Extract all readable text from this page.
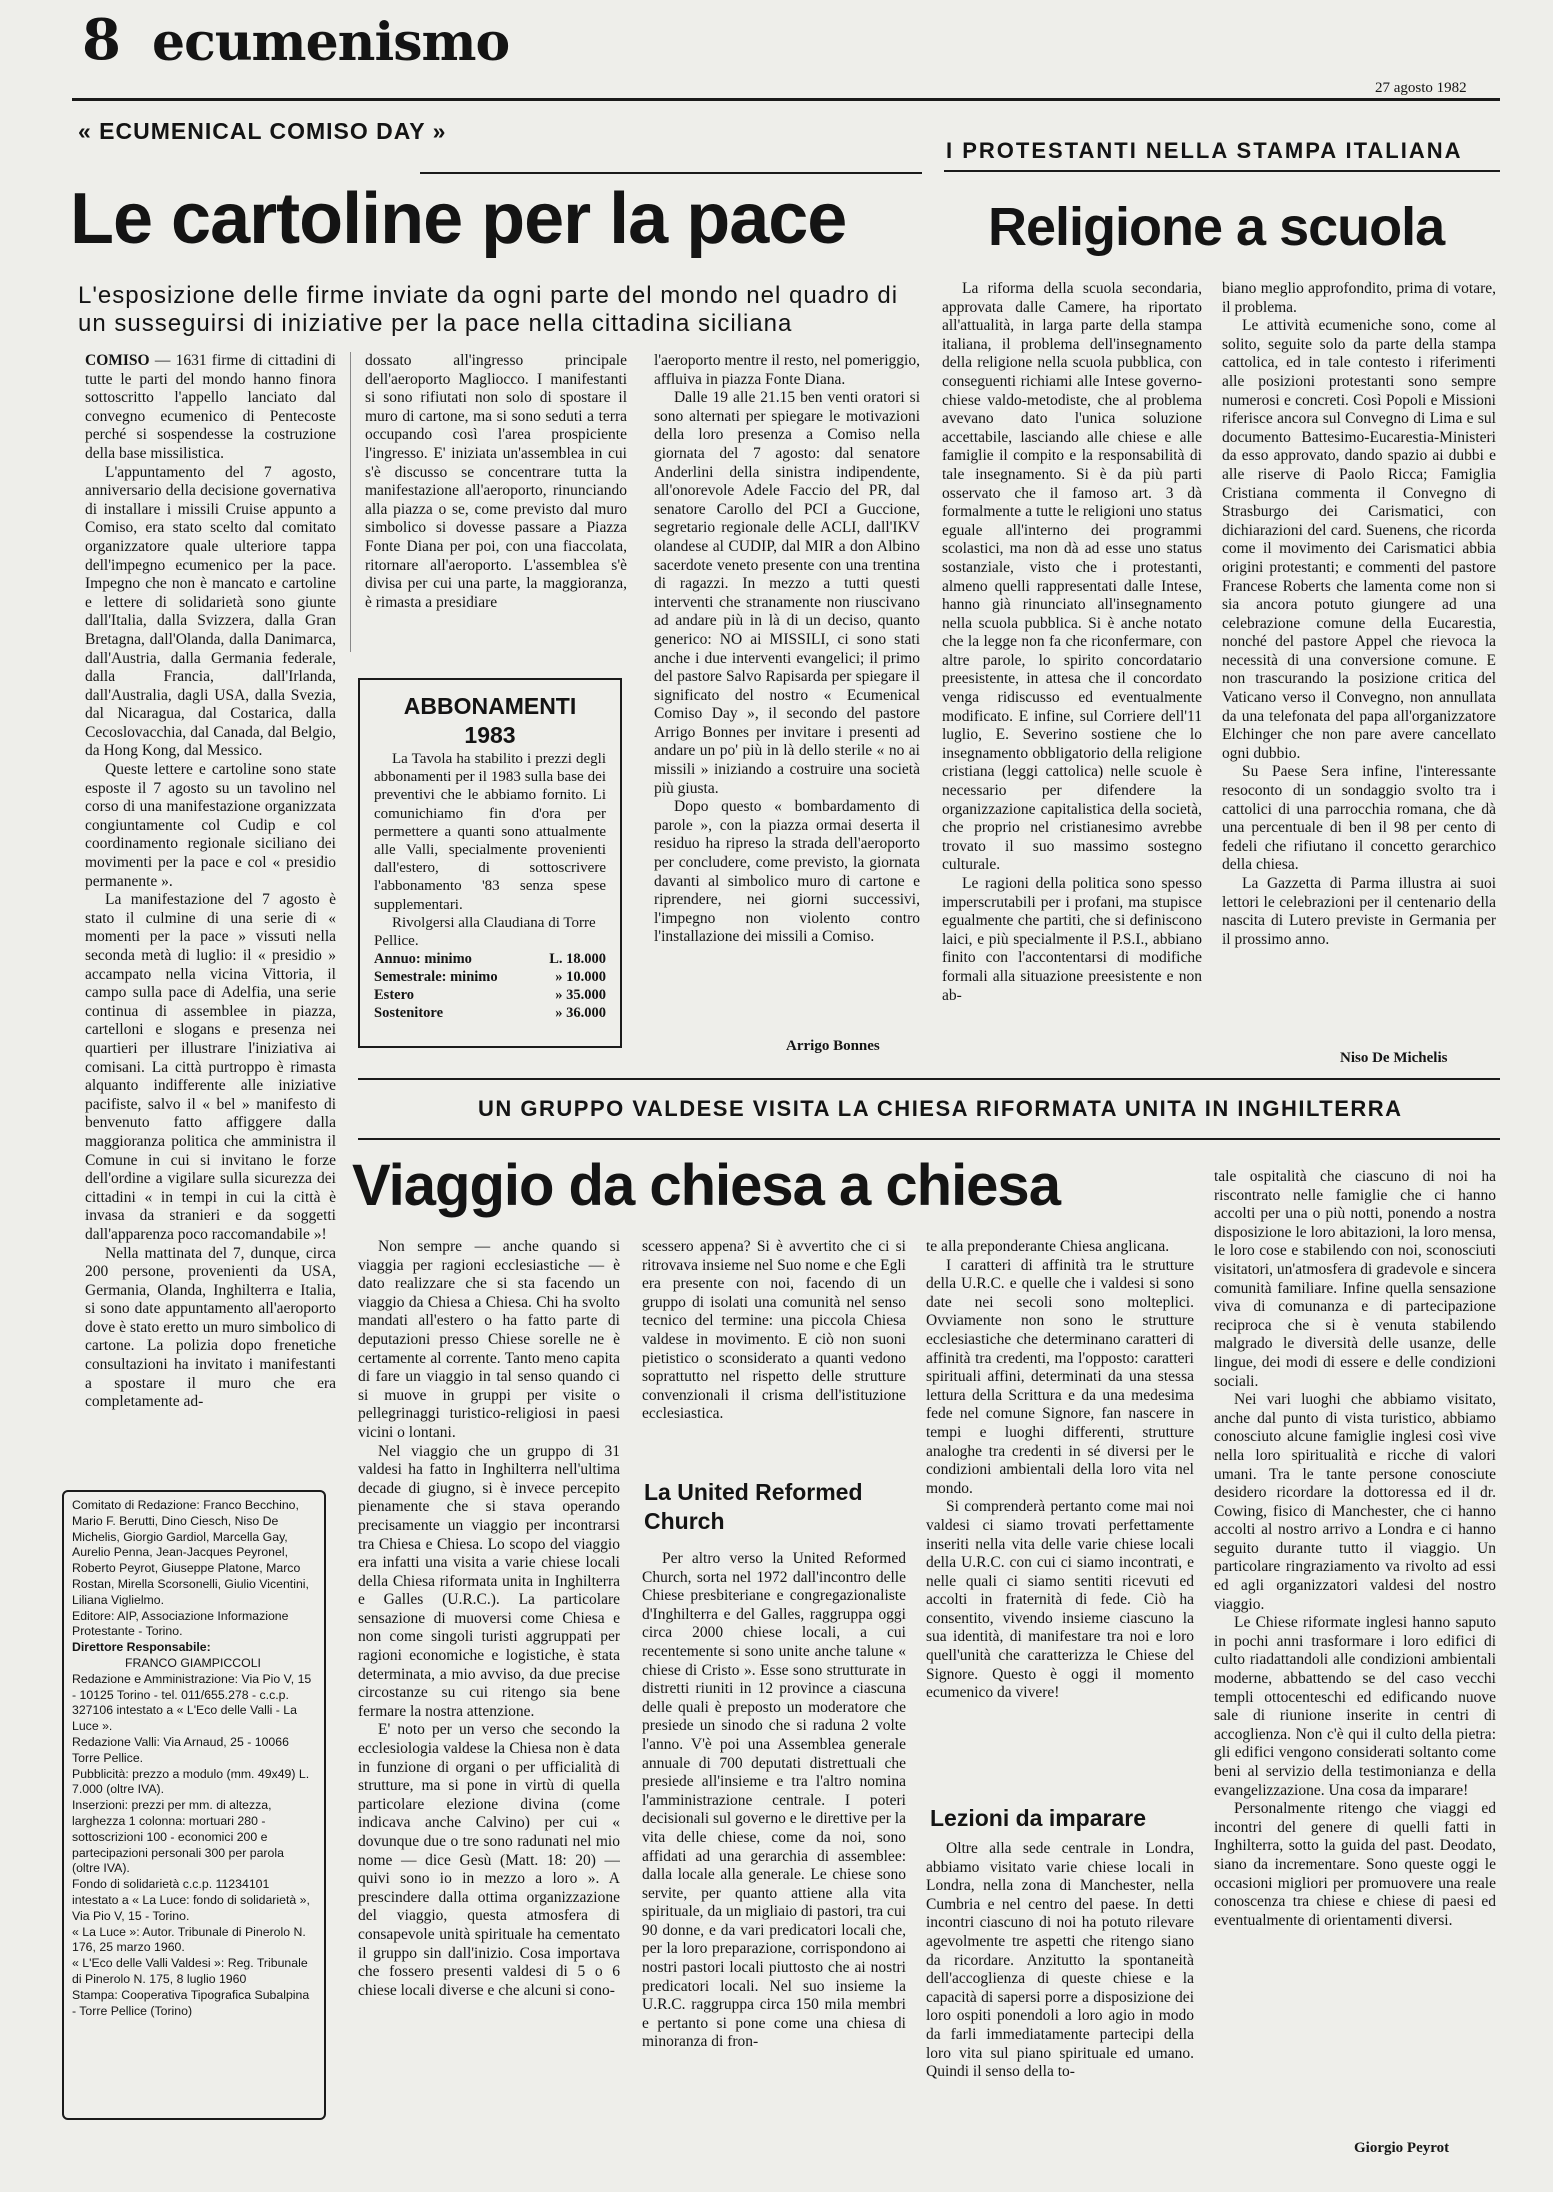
8 ecumenismo
27 agosto 1982
« ECUMENICAL COMISO DAY »
Le cartoline per la pace
L'esposizione delle firme inviate da ogni parte del mondo nel quadro di un susseguirsi di iniziative per la pace nella cittadina siciliana

COMISO — 1631 firme di cittadini di tutte le parti del mondo hanno finora sottoscritto l'appello lanciato dal convegno ecumenico di Pentecoste perché si sospendesse la costruzione della base missilistica.

L'appuntamento del 7 agosto, anniversario della decisione governativa di installare i missili Cruise appunto a Comiso, era stato scelto dal comitato organizzatore quale ulteriore tappa dell'impegno ecumenico per la pace. Impegno che non è mancato e cartoline e lettere di solidarietà sono giunte dall'Italia, dalla Svizzera, dalla Gran Bretagna, dall'Olanda, dalla Danimarca, dall'Austria, dalla Germania federale, dalla Francia, dall'Irlanda, dall'Australia, dagli USA, dalla Svezia, dal Nicaragua, dal Costarica, dalla Cecoslovacchia, dal Canada, dal Belgio, da Hong Kong, dal Messico.

Queste lettere e cartoline sono state esposte il 7 agosto su un tavolino nel corso di una manifestazione organizzata congiuntamente col Cudip e col coordinamento regionale siciliano dei movimenti per la pace e col « presidio permanente ».

La manifestazione del 7 agosto è stato il culmine di una serie di « momenti per la pace » vissuti nella seconda metà di luglio: il « presidio » accampato nella vicina Vittoria, il campo sulla pace di Adelfia, una serie continua di assemblee in piazza, cartelloni e slogans e presenza nei quartieri per illustrare l'iniziativa ai comisani. La città purtroppo è rimasta alquanto indifferente alle iniziative pacifiste, salvo il « bel » manifesto di benvenuto fatto affiggere dalla maggioranza politica che amministra il Comune in cui si invitano le forze dell'ordine a vigilare sulla sicurezza dei cittadini « in tempi in cui la città è invasa da stranieri e da soggetti dall'apparenza poco raccomandabile »!

Nella mattinata del 7, dunque, circa 200 persone, provenienti da USA, Germania, Olanda, Inghilterra e Italia, si sono date appuntamento all'aeroporto dove è stato eretto un muro simbolico di cartone. La polizia dopo frenetiche consultazioni ha invitato i manifestanti a spostare il muro che era completamente ad-

dossato all'ingresso principale dell'aeroporto Magliocco. I manifestanti si sono rifiutati non solo di spostare il muro di cartone, ma si sono seduti a terra occupando così l'area prospiciente l'ingresso. E' iniziata un'assemblea in cui s'è discusso se concentrare tutta la manifestazione all'aeroporto, rinunciando alla piazza o se, come previsto dal muro simbolico si dovesse passare a Piazza Fonte Diana per poi, con una fiaccolata, ritornare all'aeroporto. L'assemblea s'è divisa per cui una parte, la maggioranza, è rimasta a presidiare

ABBONAMENTI
1983
La Tavola ha stabilito i prezzi degli abbonamenti per il 1983 sulla base dei preventivi che le abbiamo fornito. Li comunichiamo fin d'ora per permettere a quanti sono attualmente alle Valli, specialmente provenienti dall'estero, di sottoscrivere l'abbonamento '83 senza spese supplementari.
Rivolgersi alla Claudiana di Torre Pellice.
Annuo: minimo	L. 18.000
Semestrale: minimo	» 10.000
Estero	» 35.000
Sostenitore	» 36.000

l'aeroporto mentre il resto, nel pomeriggio, affluiva in piazza Fonte Diana.

Dalle 19 alle 21.15 ben venti oratori si sono alternati per spiegare le motivazioni della loro presenza a Comiso nella giornata del 7 agosto: dal senatore Anderlini della sinistra indipendente, all'onorevole Adele Faccio del PR, dal senatore Carollo del PCI a Guccione, segretario regionale delle ACLI, dall'IKV olandese al CUDIP, dal MIR a don Albino sacerdote veneto presente con una trentina di ragazzi. In mezzo a tutti questi interventi che stranamente non riuscivano ad andare più in là di un deciso, quanto generico: NO ai MISSILI, ci sono stati anche i due interventi evangelici; il primo del pastore Salvo Rapisarda per spiegare il significato del nostro « Ecumenical Comiso Day », il secondo del pastore Arrigo Bonnes per invitare i presenti ad andare un po' più in là dello sterile « no ai missili » iniziando a costruire una società più giusta.

Dopo questo « bombardamento di parole », con la piazza ormai deserta il residuo ha ripreso la strada dell'aeroporto per concludere, come previsto, la giornata davanti al simbolico muro di cartone e riprendere, nei giorni successivi, l'impegno non violento contro l'installazione dei missili a Comiso.

Arrigo Bonnes
I PROTESTANTI NELLA STAMPA ITALIANA
Religione a scuola

La riforma della scuola secondaria, approvata dalle Camere, ha riportato all'attualità, in larga parte della stampa italiana, il problema dell'insegnamento della religione nella scuola pubblica, con conseguenti richiami alle Intese governo-chiese valdo-metodiste, che al problema avevano dato l'unica soluzione accettabile, lasciando alle chiese e alle famiglie il compito e la responsabilità di tale insegnamento. Si è da più parti osservato che il famoso art. 3 dà formalmente a tutte le religioni uno status eguale all'interno dei programmi scolastici, ma non dà ad esse uno status sostanziale, visto che i protestanti, almeno quelli rappresentati dalle Intese, hanno già rinunciato all'insegnamento nella scuola pubblica. Si è anche notato che la legge non fa che riconfermare, con altre parole, lo spirito concordatario preesistente, in attesa che il concordato venga ridiscusso ed eventualmente modificato. E infine, sul Corriere dell'11 luglio, E. Severino sostiene che lo insegnamento obbligatorio della religione cristiana (leggi cattolica) nelle scuole è necessario per difendere la organizzazione capitalistica della società, che proprio nel cristianesimo avrebbe trovato il suo massimo sostegno culturale.

Le ragioni della politica sono spesso imperscrutabili per i profani, ma stupisce egualmente che partiti, che si definiscono laici, e più specialmente il P.S.I., abbiano finito con l'accontentarsi di modifiche formali alla situazione preesistente e non ab-

biano meglio approfondito, prima di votare, il problema.

Le attività ecumeniche sono, come al solito, seguite solo da parte della stampa cattolica, ed in tale contesto i riferimenti alle posizioni protestanti sono sempre numerosi e concreti. Così Popoli e Missioni riferisce ancora sul Convegno di Lima e sul documento Battesimo-Eucarestia-Ministeri da esso approvato, dando spazio ai dubbi e alle riserve di Paolo Ricca; Famiglia Cristiana commenta il Convegno di Strasburgo dei Carismatici, con dichiarazioni del card. Suenens, che ricorda come il movimento dei Carismatici abbia origini protestanti; e commenti del pastore Francese Roberts che lamenta come non si sia ancora potuto giungere ad una celebrazione comune della Eucarestia, nonché del pastore Appel che rievoca la necessità di una conversione comune. E non trascurando la posizione critica del Vaticano verso il Convegno, non annullata da una telefonata del papa all'organizzatore Elchinger che non pare avere cancellato ogni dubbio.

Su Paese Sera infine, l'interessante resoconto di un sondaggio svolto tra i cattolici di una parrocchia romana, che dà una percentuale di ben il 98 per cento di fedeli che rifiutano il concetto gerarchico della chiesa.

La Gazzetta di Parma illustra ai suoi lettori le celebrazioni per il centenario della nascita di Lutero previste in Germania per il prossimo anno.

Niso De Michelis
UN GRUPPO VALDESE VISITA LA CHIESA RIFORMATA UNITA IN INGHILTERRA
Viaggio da chiesa a chiesa

Non sempre — anche quando si viaggia per ragioni ecclesiastiche — è dato realizzare che si sta facendo un viaggio da Chiesa a Chiesa. Chi ha svolto mandati all'estero o ha fatto parte di deputazioni presso Chiese sorelle ne è certamente al corrente. Tanto meno capita di fare un viaggio in tal senso quando ci si muove in gruppi per visite o pellegrinaggi turistico-religiosi in paesi vicini o lontani.

Nel viaggio che un gruppo di 31 valdesi ha fatto in Inghilterra nell'ultima decade di giugno, si è invece percepito pienamente che si stava operando precisamente un viaggio per incontrarsi tra Chiesa e Chiesa. Lo scopo del viaggio era infatti una visita a varie chiese locali della Chiesa riformata unita in Inghilterra e Galles (U.R.C.). La particolare sensazione di muoversi come Chiesa e non come singoli turisti aggruppati per ragioni economiche e logistiche, è stata determinata, a mio avviso, da due precise circostanze su cui ritengo sia bene fermare la nostra attenzione.

E' noto per un verso che secondo la ecclesiologia valdese la Chiesa non è data in funzione di organi o per ufficialità di strutture, ma si pone in virtù di quella particolare elezione divina (come indicava anche Calvino) per cui « dovunque due o tre sono radunati nel mio nome — dice Gesù (Matt. 18: 20) — quivi sono io in mezzo a loro ». A prescindere dalla ottima organizzazione del viaggio, questa atmosfera di consapevole unità spirituale ha cementato il gruppo sin dall'inizio. Cosa importava che fossero presenti valdesi di 5 o 6 chiese locali diverse e che alcuni si cono-

scessero appena? Si è avvertito che ci si ritrovava insieme nel Suo nome e che Egli era presente con noi, facendo di un gruppo di isolati una comunità nel senso tecnico del termine: una piccola Chiesa valdese in movimento. E ciò non suoni pietistico o sconsiderato a quanti vedono soprattutto nel rispetto delle strutture convenzionali il crisma dell'istituzione ecclesiastica.

La United Reformed Church

Per altro verso la United Reformed Church, sorta nel 1972 dall'incontro delle Chiese presbiteriane e congregazionaliste d'Inghilterra e del Galles, raggruppa oggi circa 2000 chiese locali, a cui recentemente si sono unite anche talune « chiese di Cristo ». Esse sono strutturate in distretti riuniti in 12 province a ciascuna delle quali è preposto un moderatore che presiede un sinodo che si raduna 2 volte l'anno. V'è poi una Assemblea generale annuale di 700 deputati distrettuali che presiede all'insieme e tra l'altro nomina l'amministrazione centrale. I poteri decisionali sul governo e le direttive per la vita delle chiese, come da noi, sono affidati ad una gerarchia di assemblee: dalla locale alla generale. Le chiese sono servite, per quanto attiene alla vita spirituale, da un migliaio di pastori, tra cui 90 donne, e da vari predicatori locali che, per la loro preparazione, corrispondono ai nostri pastori locali piuttosto che ai nostri predicatori locali. Nel suo insieme la U.R.C. raggruppa circa 150 mila membri e pertanto si pone come una chiesa di minoranza di fron-

te alla preponderante Chiesa anglicana.

I caratteri di affinità tra le strutture della U.R.C. e quelle che i valdesi si sono date nei secoli sono molteplici. Ovviamente non sono le strutture ecclesiastiche che determinano caratteri di affinità tra credenti, ma l'opposto: caratteri spirituali affini, determinati da una stessa lettura della Scrittura e da una medesima fede nel comune Signore, fan nascere in tempi e luoghi differenti, strutture analoghe tra credenti in sé diversi per le condizioni ambientali della loro vita nel mondo.

Si comprenderà pertanto come mai noi valdesi ci siamo trovati perfettamente inseriti nella vita delle varie chiese locali della U.R.C. con cui ci siamo incontrati, e nelle quali ci siamo sentiti ricevuti ed accolti in fraternità di fede. Ciò ha consentito, vivendo insieme ciascuno la sua identità, di manifestare tra noi e loro quell'unità che caratterizza le Chiese del Signore. Questo è oggi il momento ecumenico da vivere!

Lezioni da imparare

Oltre alla sede centrale in Londra, abbiamo visitato varie chiese locali in Londra, nella zona di Manchester, nella Cumbria e nel centro del paese. In detti incontri ciascuno di noi ha potuto rilevare agevolmente tre aspetti che ritengo siano da ricordare. Anzitutto la spontaneità dell'accoglienza di queste chiese e la capacità di sapersi porre a disposizione dei loro ospiti ponendoli a loro agio in modo da farli immediatamente partecipi della loro vita sul piano spirituale ed umano. Quindi il senso della to-

tale ospitalità che ciascuno di noi ha riscontrato nelle famiglie che ci hanno accolti per una o più notti, ponendo a nostra disposizione le loro abitazioni, la loro mensa, le loro cose e stabilendo con noi, sconosciuti visitatori, un'atmosfera di gradevole e sincera comunità familiare. Infine quella sensazione viva di comunanza e di partecipazione reciproca che si è venuta stabilendo malgrado le diversità delle usanze, delle lingue, dei modi di essere e delle condizioni sociali.

Nei vari luoghi che abbiamo visitato, anche dal punto di vista turistico, abbiamo conosciuto alcune famiglie inglesi così vive nella loro spiritualità e ricche di valori umani. Tra le tante persone conosciute desidero ricordare la dottoressa ed il dr. Cowing, fisico di Manchester, che ci hanno accolti al nostro arrivo a Londra e ci hanno seguito durante tutto il viaggio. Un particolare ringraziamento va rivolto ad essi ed agli organizzatori valdesi del nostro viaggio.

Le Chiese riformate inglesi hanno saputo in pochi anni trasformare i loro edifici di culto riadattandoli alle condizioni ambientali moderne, abbattendo se del caso vecchi templi ottocenteschi ed edificando nuove sale di riunione inserite in centri di accoglienza. Non c'è qui il culto della pietra: gli edifici vengono considerati soltanto come beni al servizio della testimonianza e della evangelizzazione. Una cosa da imparare!

Personalmente ritengo che viaggi ed incontri del genere di quelli fatti in Inghilterra, sotto la guida del past. Deodato, siano da incrementare. Sono queste oggi le occasioni migliori per promuovere una reale conoscenza tra chiese e chiese di paesi ed eventualmente di orientamenti diversi.

Giorgio Peyrot

Comitato di Redazione: Franco Becchino, Mario F. Berutti, Dino Ciesch, Niso De Michelis, Giorgio Gardiol, Marcella Gay, Aurelio Penna, Jean-Jacques Peyronel, Roberto Peyrot, Giuseppe Platone, Marco Rostan, Mirella Scorsonelli, Giulio Vicentini, Liliana Viglielmo.

Editore: AIP, Associazione Informazione Protestante - Torino.

Direttore Responsabile:

FRANCO GIAMPICCOLI

Redazione e Amministrazione: Via Pio V, 15 - 10125 Torino - tel. 011/655.278 - c.c.p. 327106 intestato a « L'Eco delle Valli - La Luce ».

Redazione Valli: Via Arnaud, 25 - 10066 Torre Pellice.

Pubblicità: prezzo a modulo (mm. 49x49) L. 7.000 (oltre IVA).

Inserzioni: prezzi per mm. di altezza, larghezza 1 colonna: mortuari 280 - sottoscrizioni 100 - economici 200 e partecipazioni personali 300 per parola (oltre IVA).

Fondo di solidarietà c.c.p. 11234101 intestato a « La Luce: fondo di solidarietà », Via Pio V, 15 - Torino.

« La Luce »: Autor. Tribunale di Pinerolo N. 176, 25 marzo 1960.

« L'Eco delle Valli Valdesi »: Reg. Tribunale di Pinerolo N. 175, 8 luglio 1960

Stampa: Cooperativa Tipografica Subalpina - Torre Pellice (Torino)
